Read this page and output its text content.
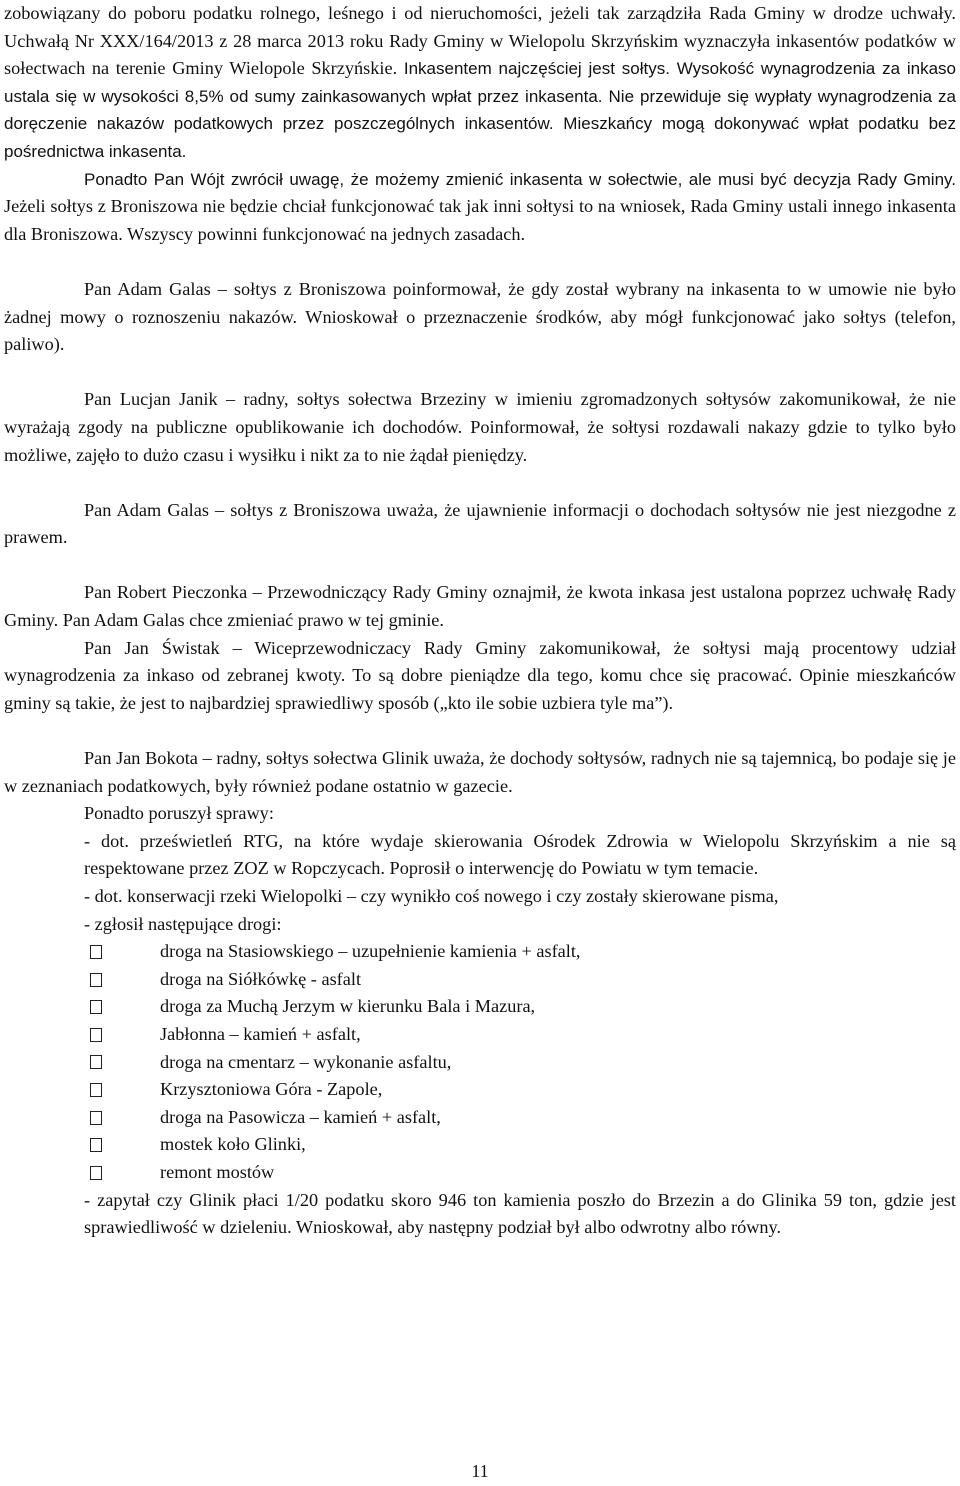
zobowiązany do poboru podatku rolnego, leśnego i od nieruchomości, jeżeli tak zarządziła Rada Gminy w drodze uchwały. Uchwałą Nr XXX/164/2013 z 28 marca 2013 roku Rady Gminy w Wielopolu Skrzyńskim wyznaczyła inkasentów podatków w sołectwach na terenie Gminy Wielopole Skrzyńskie. Inkasentem najczęściej jest sołtys. Wysokość wynagrodzenia za inkaso ustala się w wysokości 8,5% od sumy zainkasowanych wpłat przez inkasenta. Nie przewiduje się wypłaty wynagrodzenia za doręczenie nakazów podatkowych przez poszczególnych inkasentów. Mieszkańcy mogą dokonywać wpłat podatku bez pośrednictwa inkasenta.

Ponadto Pan Wójt zwrócił uwagę, że możemy zmienić inkasenta w sołectwie, ale musi być decyzja Rady Gminy. Jeżeli sołtys z Broniszowa nie będzie chciał funkcjonować tak jak inni sołtysi to na wniosek, Rada Gminy ustali innego inkasenta dla Broniszowa. Wszyscy powinni funkcjonować na jednych zasadach.

Pan Adam Galas – sołtys z Broniszowa poinformował, że gdy został wybrany na inkasenta to w umowie nie było żadnej mowy o roznoszeniu nakazów. Wnioskował o przeznaczenie środków, aby mógł funkcjonować jako sołtys (telefon, paliwo).

Pan Lucjan Janik – radny, sołtys sołectwa Brzeziny w imieniu zgromadzonych sołtysów zakomunikował, że nie wyrażają zgody na publiczne opublikowanie ich dochodów. Poinformował, że sołtysi rozdawali nakazy gdzie to tylko było możliwe, zajęło to dużo czasu i wysiłku i nikt za to nie żądał pieniędzy.

Pan Adam Galas – sołtys z Broniszowa uważa, że ujawnienie informacji o dochodach sołtysów nie jest niezgodne z prawem.

Pan Robert Pieczonka – Przewodniczący Rady Gminy oznajmił, że kwota inkasa jest ustalona poprzez uchwałę Rady Gminy. Pan Adam Galas chce zmieniać prawo w tej gminie.

Pan Jan Świstak – Wiceprzewodniczacy Rady Gminy zakomunikował, że sołtysi mają procentowy udział wynagrodzenia za inkaso od zebranej kwoty. To są dobre pieniądze dla tego, komu chce się pracować. Opinie mieszkańców gminy są takie, że jest to najbardziej sprawiedliwy sposób („kto ile sobie uzbiera tyle ma”).

Pan Jan Bokota – radny, sołtys sołectwa Glinik uważa, że dochody sołtysów, radnych nie są tajemnicą, bo podaje się je w zeznaniach podatkowych, były również podane ostatnio w gazecie.

Ponadto poruszył sprawy:

- dot. prześwietleń RTG, na które wydaje skierowania Ośrodek Zdrowia w Wielopolu Skrzyńskim a nie są respektowane przez ZOZ w Ropczycach. Poprosił o interwencję do Powiatu w tym temacie.

- dot. konserwacji rzeki Wielopolki – czy wynikło coś nowego i czy zostały skierowane pisma,

- zgłosił następujące drogi:

droga na Stasiowskiego – uzupełnienie kamienia + asfalt,
droga na Siółkówkę - asfalt
droga za Muchą Jerzym w kierunku Bala i Mazura,
Jabłonna – kamień + asfalt,
droga na cmentarz – wykonanie asfaltu,
Krzysztoniowa Góra - Zapole,
droga na Pasowicza – kamień + asfalt,
mostek koło Glinki,
remont mostów

- zapytał czy Glinik płaci 1/20 podatku skoro 946 ton kamienia poszło do Brzezin a do Glinika 59 ton, gdzie jest sprawiedliwość w dzieleniu. Wnioskował, aby następny podział był albo odwrotny albo równy.

11
